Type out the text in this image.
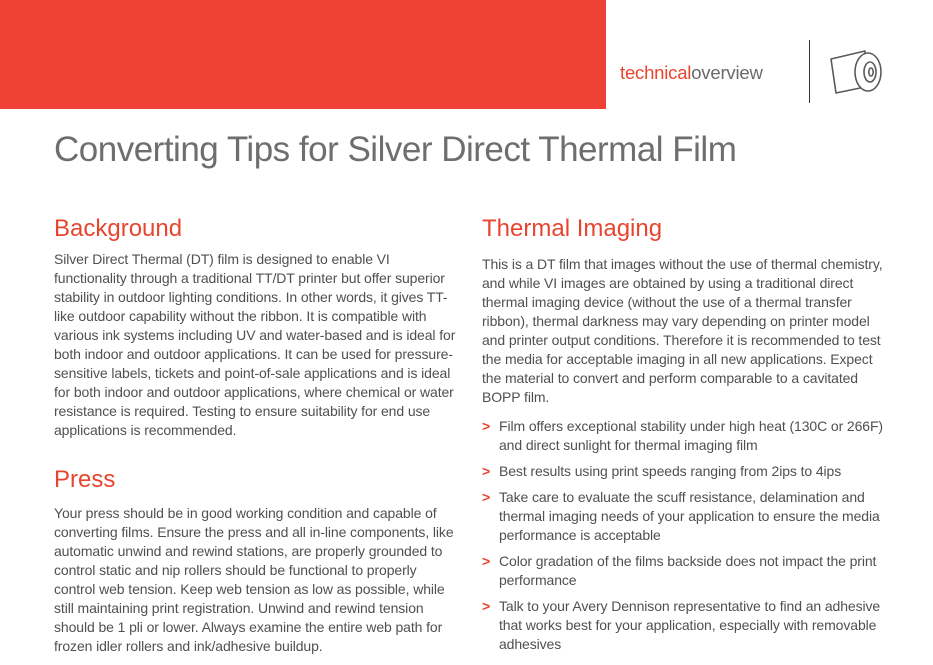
technicaloverview
Converting Tips for Silver Direct Thermal Film
Background

Silver Direct Thermal (DT) film is designed to enable VI functionality through a traditional TT/DT printer but offer superior stability in outdoor lighting conditions. In other words, it gives TT-like outdoor capability without the ribbon. It is compatible with various ink systems including UV and water-based and is ideal for both indoor and outdoor applications. It can be used for pressure-sensitive labels, tickets and point-of-sale applications and is ideal for both indoor and outdoor applications, where chemical or water resistance is required. Testing to ensure suitability for end use applications is recommended.

Press

Your press should be in good working condition and capable of converting films. Ensure the press and all in-line components, like automatic unwind and rewind stations, are properly grounded to control static and nip rollers should be functional to properly control web tension. Keep web tension as low as possible, while still maintaining print registration. Unwind and rewind tension should be 1 pli or lower. Always examine the entire web path for frozen idler rollers and ink/adhesive buildup.

Thermal Imaging

This is a DT film that images without the use of thermal chemistry, and while VI images are obtained by using a traditional direct thermal imaging device (without the use of a thermal transfer ribbon), thermal darkness may vary depending on printer model and printer output conditions. Therefore it is recommended to test the media for acceptable imaging in all new applications. Expect the material to convert and perform comparable to a cavitated BOPP film.

> Film offers exceptional stability under high heat (130C or 266F) and direct sunlight for thermal imaging film
> Best results using print speeds ranging from 2ips to 4ips
> Take care to evaluate the scuff resistance, delamination and thermal imaging needs of your application to ensure the media performance is acceptable
> Color gradation of the films backside does not impact the print performance
> Talk to your Avery Dennison representative to find an adhesive that works best for your application, especially with removable adhesives
